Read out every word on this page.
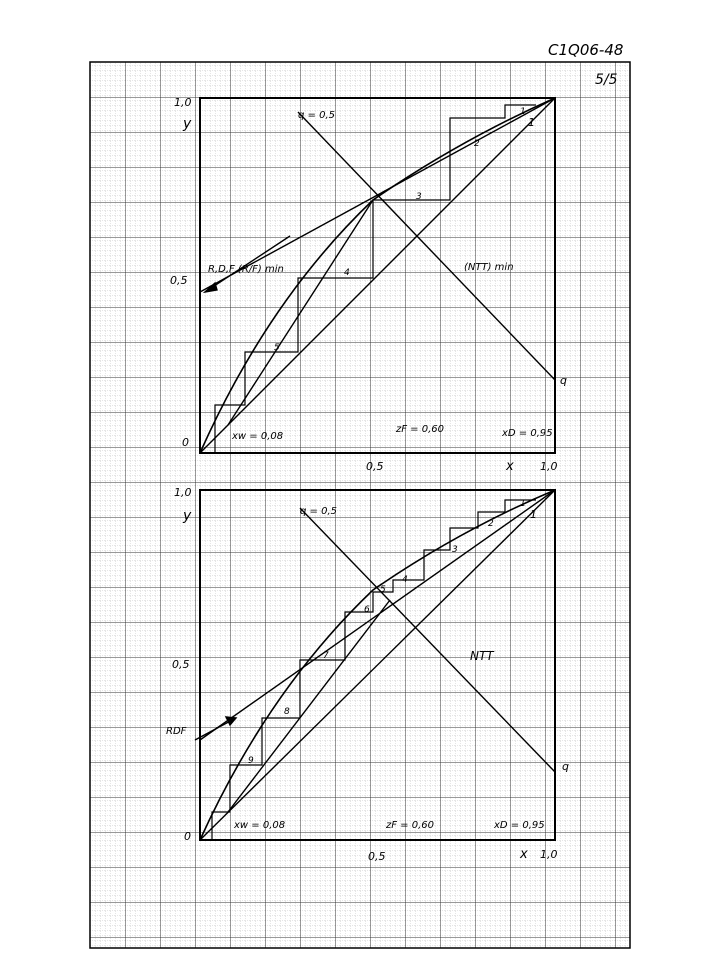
C1Q06-48
5/5
y
x
0
0,5
1,0
0,5	1,0
q = 0,5
R,D,F (R/F) min	(NTT) min
xw = 0,08
zF = 0,60	xD = 0,95
q
1
1
2
3
4
5
y
x
0
0,5
1,0
0,5	1,0
q = 0,5
RDF
NTT
xw = 0,08	zF = 0,60	xD = 0,95
q
1
1
2
3
4
5
6
7
8
9
